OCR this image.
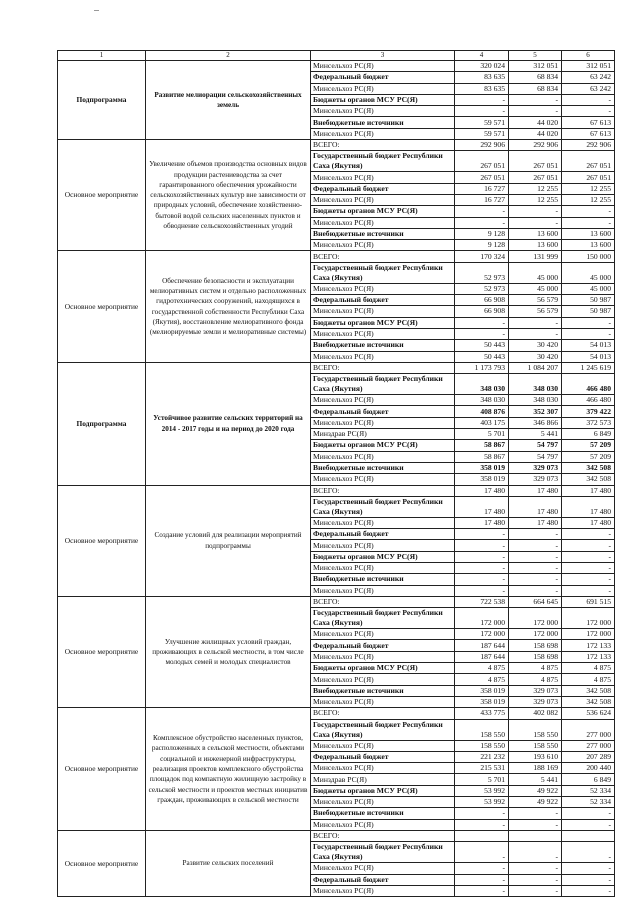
1	2	3	4	5	6
Подпрограмма	Развитие мелиорации сельскохозяйственных земель	Минсельхоз РС(Я)	320 024	312 051	312 051
		Федеральный бюджет	83 635	68 834	63 242
		Минсельхоз РС(Я)	83 635	68 834	63 242
		Бюджеты органов МСУ РС(Я)	-	-	-
		Минсельхоз РС(Я)	-	-	-
		Внебюджетные источники	59 571	44 020	67 613
		Минсельхоз РС(Я)	59 571	44 020	67 613
Основное мероприятие	Увеличение объемов производства основных видов продукции растениеводства за счет гарантированного обеспечения урожайности сельскохозяйственных культур вне зависимости от природных условий, обеспечение хозяйственно-бытовой водой сельских населенных пунктов и обводнение сельскохозяйственных угодий	ВСЕГО:	292 906	292 906	292 906
		Государственный бюджет Республики Саха (Якутия)	267 051	267 051	267 051

		Минсельхоз РС(Я)	267 051	267 051	267 051
		Федеральный бюджет	16 727	12 255	12 255
		Минсельхоз РС(Я)	16 727	12 255	12 255
		Бюджеты органов МСУ РС(Я)	-	-	-
		Минсельхоз РС(Я)	-	-	-
		Внебюджетные источники	9 128	13 600	13 600
		Минсельхоз РС(Я)	9 128	13 600	13 600
Основное мероприятие	Обеспечение безопасности и эксплуатации мелиоративных систем и отдельно расположенных гидротехнических сооружений, находящихся в государственной собственности Республики Саха (Якутия), восстановление мелиоративного фонда (мелиорируемые земли и мелиоративные системы)	ВСЕГО:	170 324	131 999	150 000
		Государственный бюджет Республики Саха (Якутия)	52 973	45 000	45 000

		Минсельхоз РС(Я)	52 973	45 000	45 000
		Федеральный бюджет	66 908	56 579	50 987
		Минсельхоз РС(Я)	66 908	56 579	50 987
		Бюджеты органов МСУ РС(Я)	-	-	-
		Минсельхоз РС(Я)	-	-	-
		Внебюджетные источники	50 443	30 420	54 013
		Минсельхоз РС(Я)	50 443	30 420	54 013
Подпрограмма	Устойчивое развитие сельских территорий на 2014 - 2017 годы и на период до 2020 года	ВСЕГО:	1 173 793	1 084 207	1 245 619
		Государственный бюджет Республики Саха (Якутия)	348 030	348 030	466 480

		Минсельхоз РС(Я)	348 030	348 030	466 480
		Федеральный бюджет	408 876	352 307	379 422
		Минсельхоз РС(Я)	403 175	346 866	372 573
		Минздрав РС(Я)	5 701	5 441	6 849
		Бюджеты органов МСУ РС(Я)	58 867	54 797	57 209
		Минсельхоз РС(Я)	58 867	54 797	57 209
		Внебюджетные источники	358 019	329 073	342 508
		Минсельхоз РС(Я)	358 019	329 073	342 508
Основное мероприятие	Создание условий для реализации мероприятий подпрограммы	ВСЕГО:	17 480	17 480	17 480
		Государственный бюджет Республики Саха (Якутия)	17 480	17 480	17 480

		Минсельхоз РС(Я)	17 480	17 480	17 480
		Федеральный бюджет	-	-	-
		Минсельхоз РС(Я)	-	-	-
		Бюджеты органов МСУ РС(Я)	-	-	-
		Минсельхоз РС(Я)	-	-	-
		Внебюджетные источники	-	-	-
		Минсельхоз РС(Я)	-	-	-
Основное мероприятие	Улучшение жилищных условий граждан, проживающих в сельской местности, в том числе молодых семей и молодых специалистов	ВСЕГО:	722 538	664 645	691 515
		Государственный бюджет Республики Саха (Якутия)	172 000	172 000	172 000

		Минсельхоз РС(Я)	172 000	172 000	172 000
		Федеральный бюджет	187 644	158 698	172 133
		Минсельхоз РС(Я)	187 644	158 698	172 133
		Бюджеты органов МСУ РС(Я)	4 875	4 875	4 875
		Минсельхоз РС(Я)	4 875	4 875	4 875
		Внебюджетные источники	358 019	329 073	342 508
		Минсельхоз РС(Я)	358 019	329 073	342 508
Основное мероприятие	Комплексное обустройство населенных пунктов, расположенных в сельской местности, объектами социальной и инженерной инфраструктуры, реализация проектов комплексного обустройства площадок под компактную жилищную застройку в сельской местности и проектов местных инициатив граждан, проживающих в сельской местности	ВСЕГО:	433 775	402 082	536 624
		Государственный бюджет Республики Саха (Якутия)	158 550	158 550	277 000

		Минсельхоз РС(Я)	158 550	158 550	277 000
		Федеральный бюджет	221 232	193 610	207 289
		Минсельхоз РС(Я)	215 531	188 169	200 440
		Минздрав РС(Я)	5 701	5 441	6 849
		Бюджеты органов МСУ РС(Я)	53 992	49 922	52 334
		Минсельхоз РС(Я)	53 992	49 922	52 334
		Внебюджетные источники	-	-	-
		Минсельхоз РС(Я)	-	-	-
Основное мероприятие	Развитие сельских поселений	ВСЕГО:			
		Государственный бюджет Республики Саха (Якутия)	-	-	-

		Минсельхоз РС(Я)	-	-	-
		Федеральный бюджет	-	-	-
		Минсельхоз РС(Я)	-	-	-
